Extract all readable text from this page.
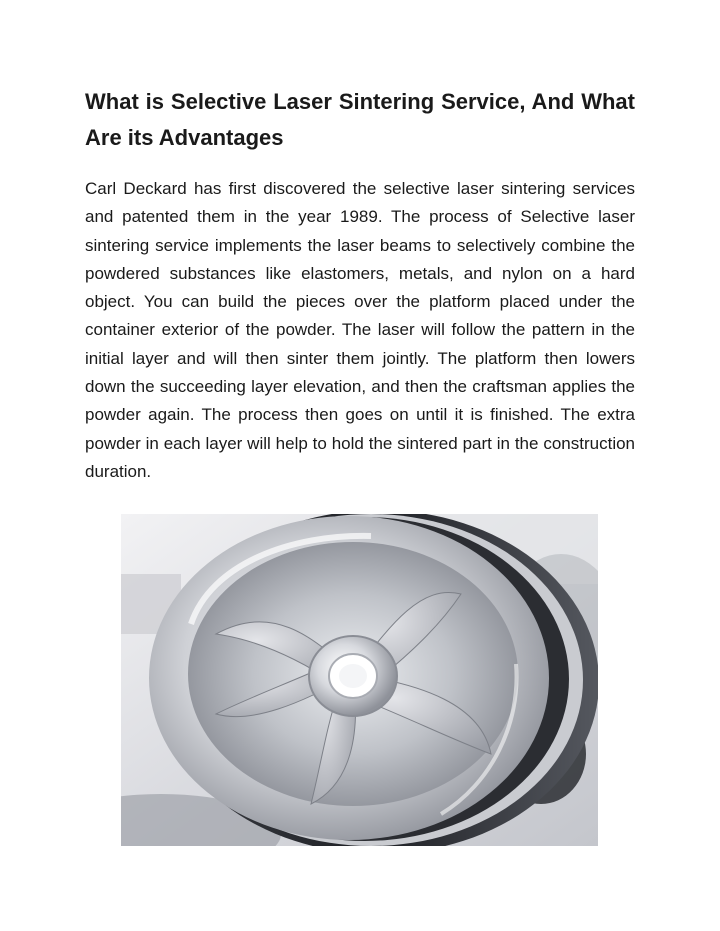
What is Selective Laser Sintering Service, And What Are its Advantages

Carl Deckard has first discovered the selective laser sintering services and patented them in the year 1989. The process of Selective laser sintering service implements the laser beams to selectively combine the powdered substances like elastomers, metals, and nylon on a hard object. You can build the pieces over the platform placed under the container exterior of the powder. The laser will follow the pattern in the initial layer and will then sinter them jointly. The platform then lowers down the succeeding layer elevation, and then the craftsman applies the powder again. The process then goes on until it is finished. The extra powder in each layer will help to hold the sintered part in the construction duration.
